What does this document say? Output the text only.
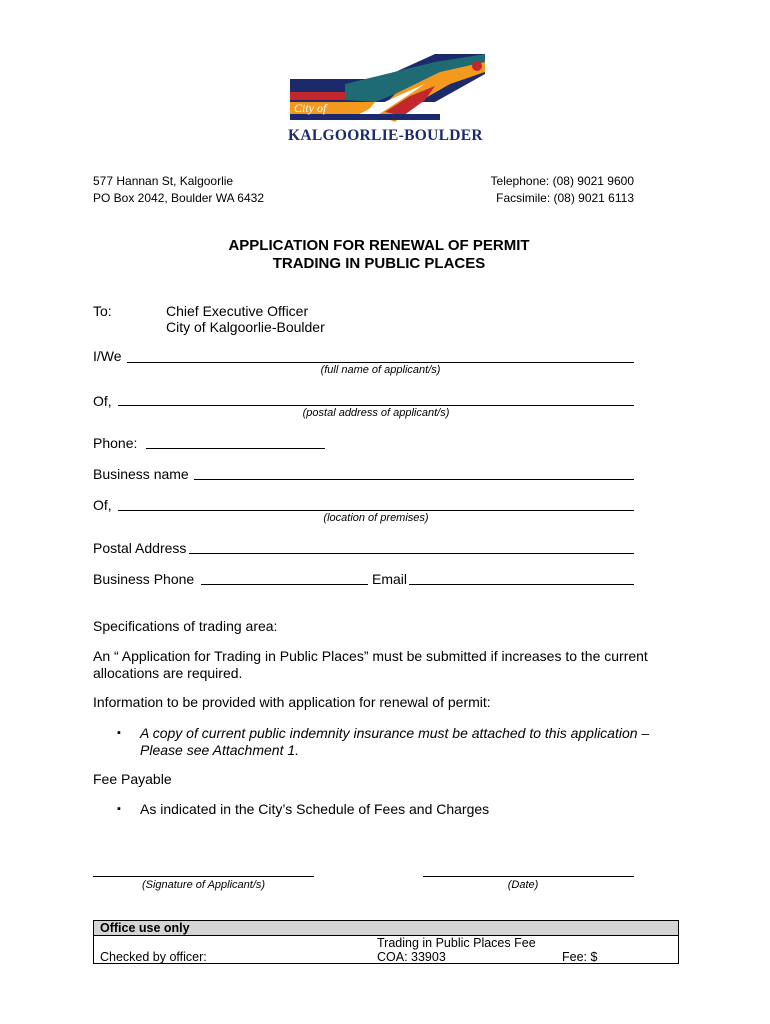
City of
KALGOORLIE-BOULDER
577 Hannan St, Kalgoorlie
PO Box 2042, Boulder WA 6432
Telephone: (08) 9021 9600
Facsimile: (08) 9021 6113
APPLICATION FOR RENEWAL OF PERMIT
TRADING IN PUBLIC PLACES
To:	Chief Executive Officer
City of Kalgoorlie-Boulder
I/We
(full name of applicant/s)
Of,
(postal address of applicant/s)
Phone:
Business name
Of,
(location of premises)
Postal Address
Business Phone	Email
Specifications of trading area:
An “ Application for Trading in Public Places” must be submitted if increases to the current allocations are required.
Information to be provided with application for renewal of permit:
▪ A copy of current public indemnity insurance must be attached to this application – Please see Attachment 1.
Fee Payable
▪ As indicated in the City’s Schedule of Fees and Charges
(Signature of Applicant/s)	(Date)
Office use only
Checked by officer:
Trading in Public Places Fee
COA: 33903	Fee: $
